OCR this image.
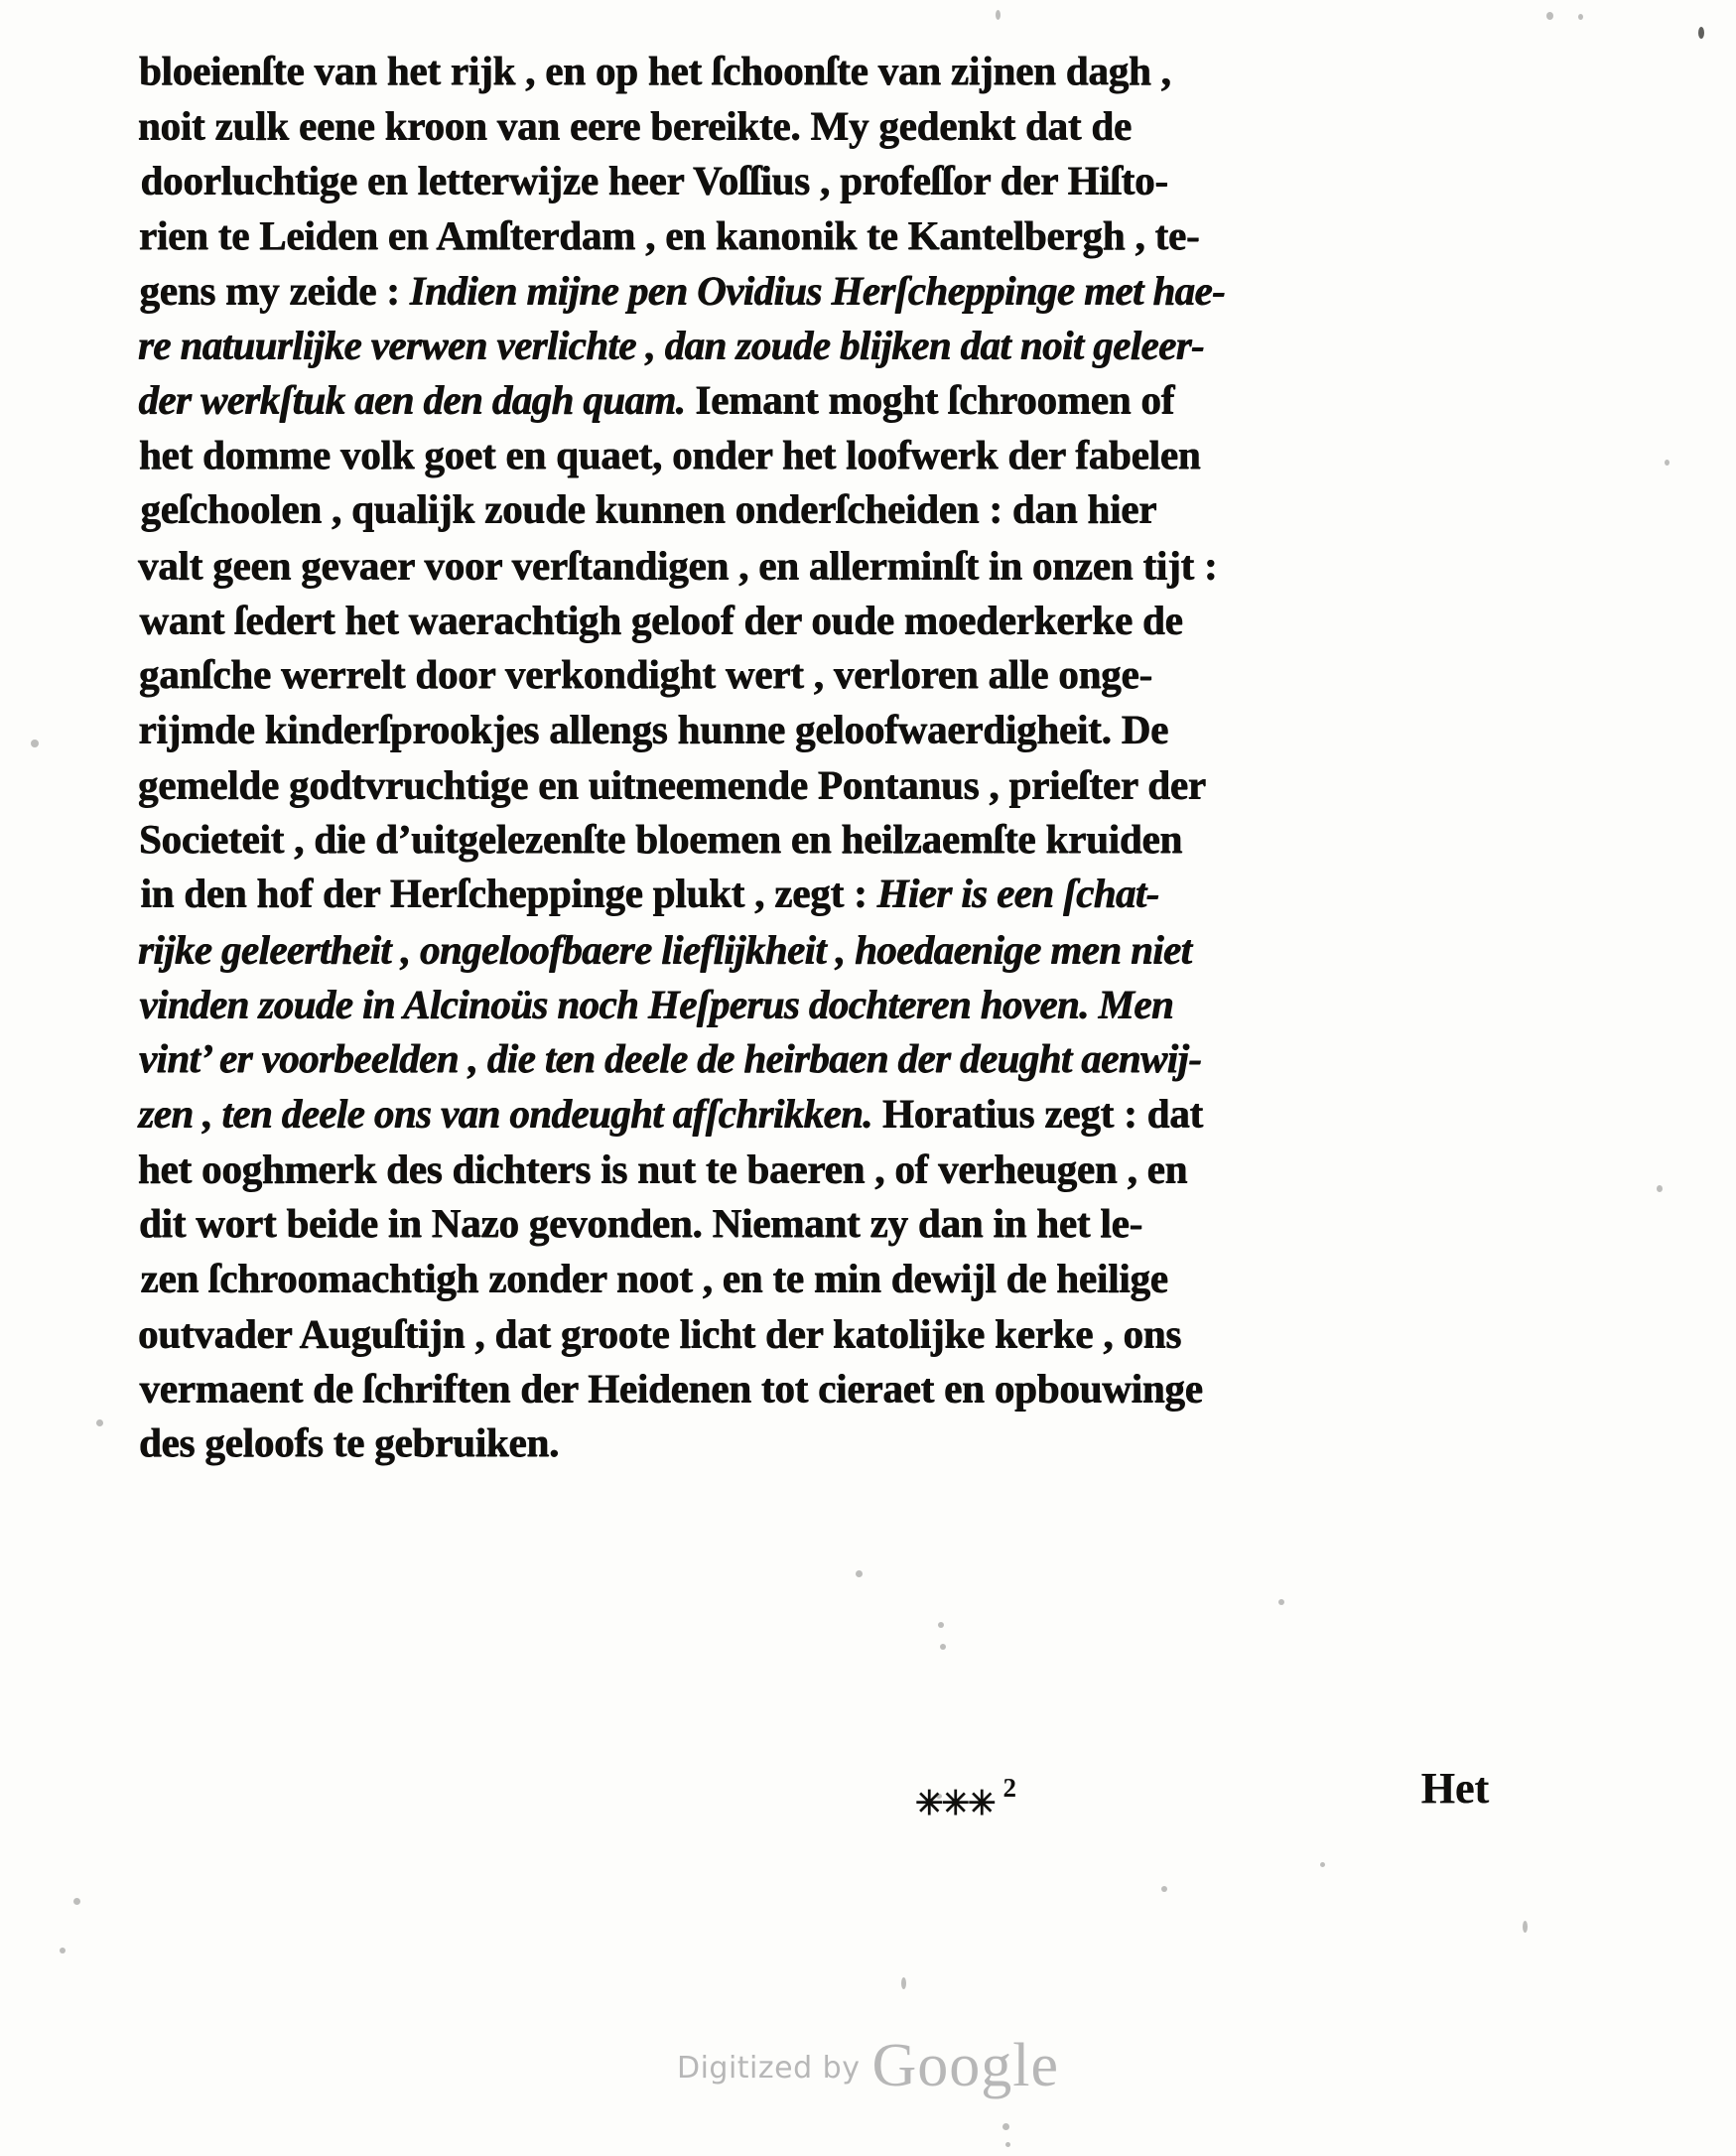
bloeienſte van het rijk , en op het ſchoonſte van zijnen dagh ,
noit zulk eene kroon van eere bereikte. My gedenkt dat de
doorluchtige en letterwijze heer Voſſius , profeſſor der Hiſto-
rien te Leiden en Amſterdam , en kanonik te Kantelbergh , te-
gens my zeide : Indien mijne pen Ovidius Herſcheppinge met hae-
re natuurlijke verwen verlichte , dan zoude blijken dat noit geleer-
der werkſtuk aen den dagh quam. Iemant moght ſchroomen of
het domme volk goet en quaet, onder het loofwerk der fabelen
geſchoolen , qualijk zoude kunnen onderſcheiden : dan hier
valt geen gevaer voor verſtandigen , en allerminſt in onzen tijt :
want ſedert het waerachtigh geloof der oude moederkerke de
ganſche werrelt door verkondight wert , verloren alle onge-
rijmde kinderſprookjes allengs hunne geloofwaerdigheit. De
gemelde godtvruchtige en uitneemende Pontanus , prieſter der
Societeit , die d’uitgelezenſte bloemen en heilzaemſte kruiden
in den hof der Herſcheppinge plukt , zegt : Hier is een ſchat-
rijke geleertheit , ongeloofbaere lieflijkheit , hoedaenige men niet
vinden zoude in Alcinoüs noch Heſperus dochteren hoven. Men
vint’ er voorbeelden , die ten deele de heirbaen der deught aenwij-
zen , ten deele ons van ondeught afſchrikken. Horatius zegt : dat
het ooghmerk des dichters is nut te baeren , of verheugen , en
dit wort beide in Nazo gevonden. Niemant zy dan in het le-
zen ſchroomachtigh zonder noot , en te min dewijl de heilige
outvader Auguſtijn , dat groote licht der katolijke kerke , ons
vermaent de ſchriften der Heidenen tot cieraet en opbouwinge
des geloofs te gebruiken.
✳✳✳ $^2$	Het
Digitized by Google
